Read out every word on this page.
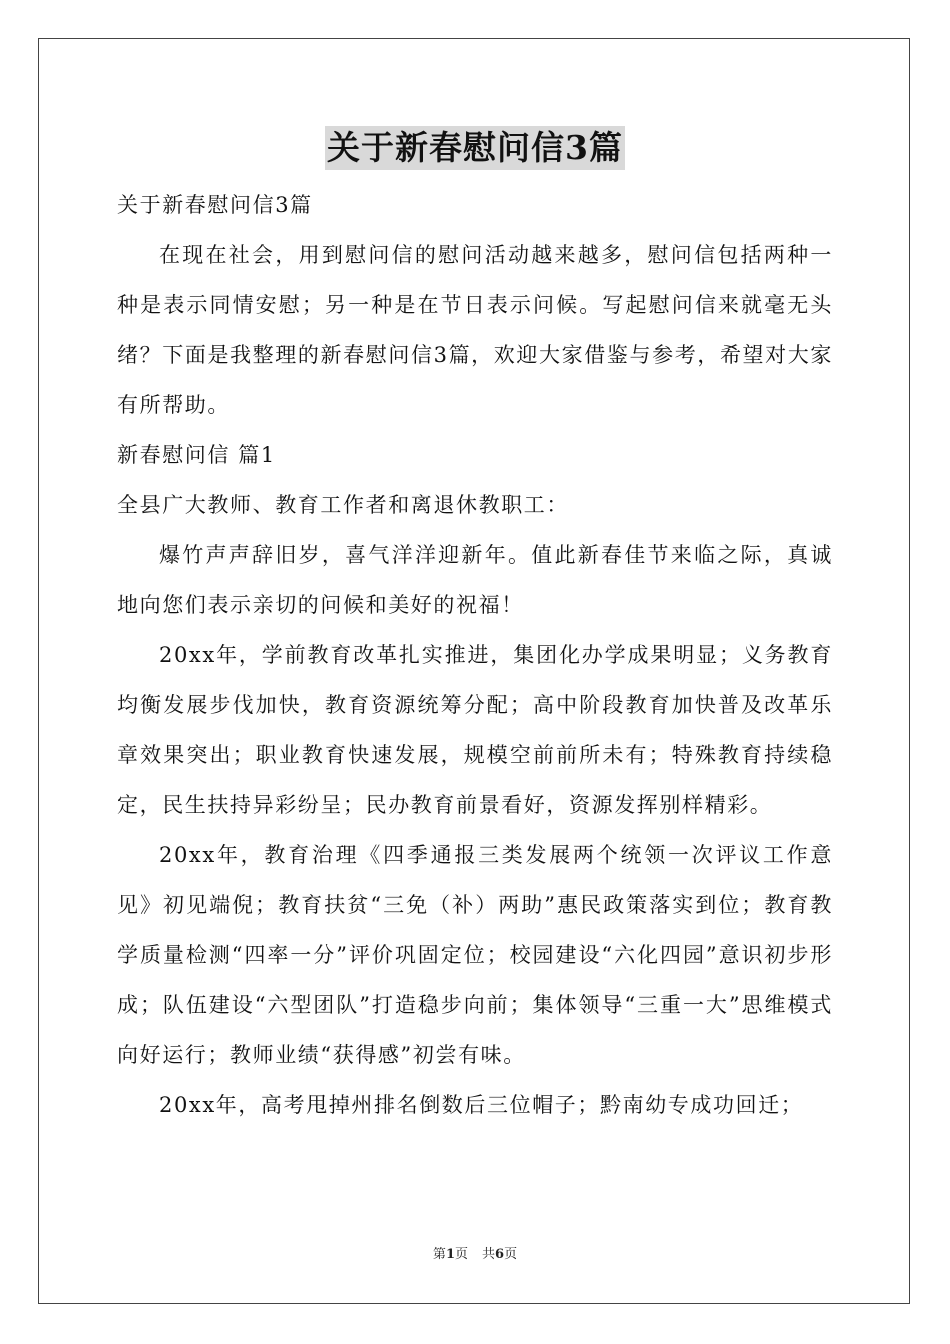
关于新春慰问信3篇

关于新春慰问信3篇

在现在社会，用到慰问信的慰问活动越来越多，慰问信包括两种一种是表示同情安慰；另一种是在节日表示问候。写起慰问信来就毫无头绪？下面是我整理的新春慰问信3篇，欢迎大家借鉴与参考，希望对大家有所帮助。

新春慰问信 篇1

全县广大教师、教育工作者和离退休教职工：

爆竹声声辞旧岁，喜气洋洋迎新年。值此新春佳节来临之际，真诚地向您们表示亲切的问候和美好的祝福！

20xx年，学前教育改革扎实推进，集团化办学成果明显；义务教育均衡发展步伐加快，教育资源统筹分配；高中阶段教育加快普及改革乐章效果突出；职业教育快速发展，规模空前前所未有；特殊教育持续稳定，民生扶持异彩纷呈；民办教育前景看好，资源发挥别样精彩。

20xx年，教育治理《四季通报三类发展两个统领一次评议工作意见》初见端倪；教育扶贫“三免（补）两助”惠民政策落实到位；教育教学质量检测“四率一分”评价巩固定位；校园建设“六化四园”意识初步形成；队伍建设“六型团队”打造稳步向前；集体领导“三重一大”思维模式向好运行；教师业绩“获得感”初尝有味。

20xx年，高考甩掉州排名倒数后三位帽子；黔南幼专成功回迁；

第1页 共6页
